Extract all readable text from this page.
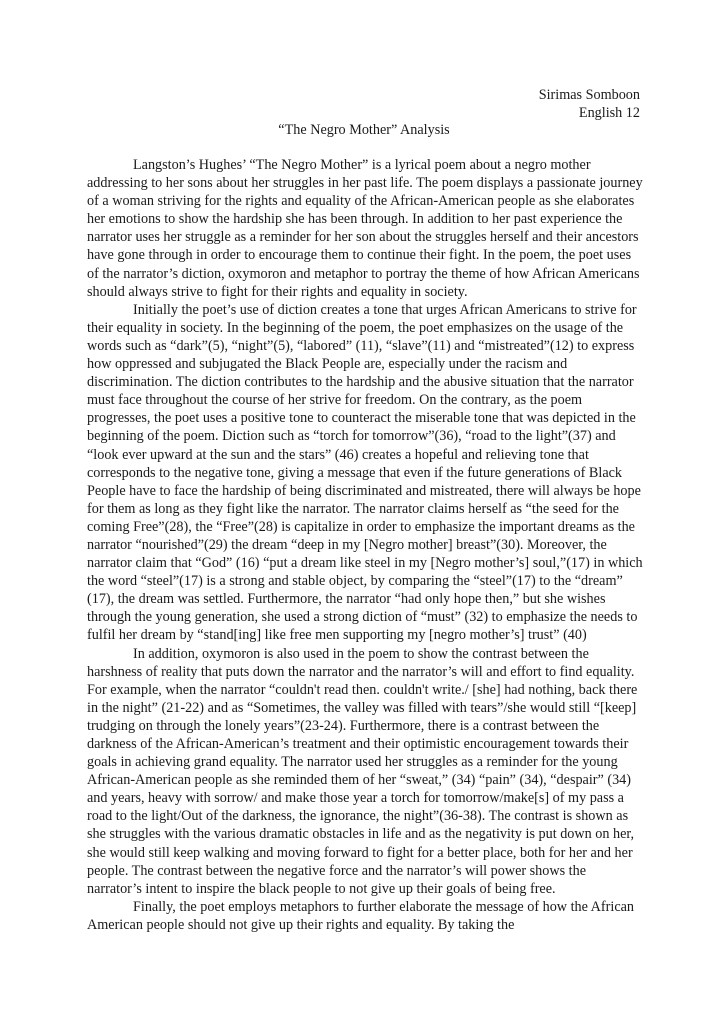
Sirimas Somboon
English 12
“The Negro Mother” Analysis

Langston’s Hughes’ “The Negro Mother” is a lyrical poem about a negro mother addressing to her sons about her struggles in her past life. The poem displays a passionate journey of a woman striving for the rights and equality of the African-American people as she elaborates her emotions to show the hardship she has been through. In addition to her past experience the narrator uses her struggle as a reminder for her son about the struggles herself and their ancestors have gone through in order to encourage them to continue their fight. In the poem, the poet uses of the narrator’s diction, oxymoron and metaphor to portray the theme of how African Americans should always strive to fight for their rights and equality in society.

Initially the poet’s use of diction creates a tone that urges African Americans to strive for their equality in society. In the beginning of the poem, the poet emphasizes on the usage of the words such as “dark”(5), “night”(5), “labored” (11), “slave”(11) and “mistreated”(12) to express how oppressed and subjugated the Black People are, especially under the racism and discrimination. The diction contributes to the hardship and the abusive situation that the narrator must face throughout the course of her strive for freedom. On the contrary, as the poem progresses, the poet uses a positive tone to counteract the miserable tone that was depicted in the beginning of the poem. Diction such as “torch for tomorrow”(36), “road to the light”(37) and “look ever upward at the sun and the stars” (46) creates a hopeful and relieving tone that corresponds to the negative tone, giving a message that even if the future generations of Black People have to face the hardship of being discriminated and mistreated, there will always be hope for them as long as they fight like the narrator. The narrator claims herself as “the seed for the coming Free”(28), the “Free”(28) is capitalize in order to emphasize the important dreams as the narrator “nourished”(29) the dream “deep in my [Negro mother] breast”(30). Moreover, the narrator claim that “God” (16) “put a dream like steel in my [Negro mother’s] soul,”(17) in which the word “steel”(17) is a strong and stable object, by comparing the “steel”(17) to the “dream” (17), the dream was settled. Furthermore, the narrator “had only hope then,” but she wishes through the young generation, she used a strong diction of “must” (32) to emphasize the needs to fulfil her dream by “stand[ing] like free men supporting my [negro mother’s] trust” (40)

In addition, oxymoron is also used in the poem to show the contrast between the harshness of reality that puts down the narrator and the narrator’s will and effort to find equality. For example, when the narrator “couldn't read then. couldn't write./ [she] had nothing, back there in the night” (21-22) and as “Sometimes, the valley was filled with tears”/she would still “[keep] trudging on through the lonely years”(23-24). Furthermore, there is a contrast between the darkness of the African-American’s treatment and their optimistic encouragement towards their goals in achieving grand equality. The narrator used her struggles as a reminder for the young African-American people as she reminded them of her “sweat,” (34) “pain” (34), “despair” (34) and years, heavy with sorrow/ and make those year a torch for tomorrow/make[s] of my pass a road to the light/Out of the darkness, the ignorance, the night”(36-38). The contrast is shown as she struggles with the various dramatic obstacles in life and as the negativity is put down on her, she would still keep walking and moving forward to fight for a better place, both for her and her people. The contrast between the negative force and the narrator’s will power shows the narrator’s intent to inspire the black people to not give up their goals of being free.

Finally, the poet employs metaphors to further elaborate the message of how the African American people should not give up their rights and equality. By taking the
